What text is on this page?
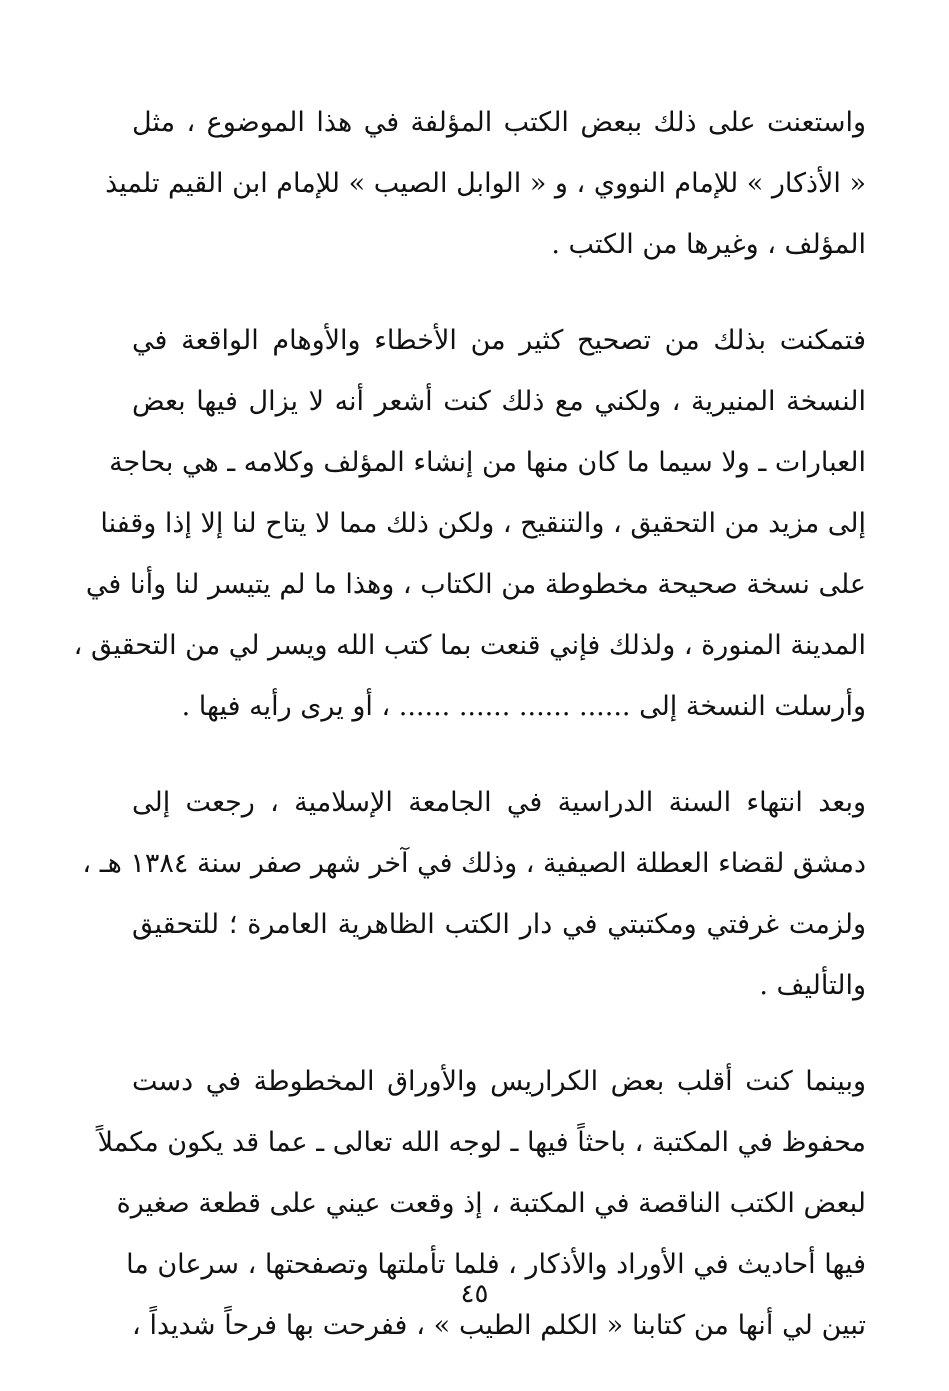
واستعنت على ذلك ببعض الكتب المؤلفة في هذا الموضوع ، مثل
« الأذكار » للإمام النووي ، و « الوابل الصيب » للإمام ابن القيم تلميذ
المؤلف ، وغيرها من الكتب .
فتمكنت بذلك من تصحيح كثير من الأخطاء والأوهام الواقعة في
النسخة المنيرية ، ولكني مع ذلك كنت أشعر أنه لا يزال فيها بعض
العبارات ـ ولا سيما ما كان منها من إنشاء المؤلف وكلامه ـ هي بحاجة
إلى مزيد من التحقيق ، والتنقيح ، ولكن ذلك مما لا يتاح لنا إلا إذا وقفنا
على نسخة صحيحة مخطوطة من الكتاب ، وهذا ما لم يتيسر لنا وأنا في
المدينة المنورة ، ولذلك فإني قنعت بما كتب الله ويسر لي من التحقيق ،
وأرسلت النسخة إلى ...... ...... ...... ...... ، أو يرى رأيه فيها .
وبعد انتهاء السنة الدراسية في الجامعة الإسلامية ، رجعت إلى
دمشق لقضاء العطلة الصيفية ، وذلك في آخر شهر صفر سنة ١٣٨٤ هـ ،
ولزمت غرفتي ومكتبتي في دار الكتب الظاهرية العامرة ؛ للتحقيق
والتأليف .
وبينما كنت أقلب بعض الكراريس والأوراق المخطوطة في دست
محفوظ في المكتبة ، باحثاً فيها ـ لوجه الله تعالى ـ عما قد يكون مكملاً
لبعض الكتب الناقصة في المكتبة ، إذ وقعت عيني على قطعة صغيرة
فيها أحاديث في الأوراد والأذكار ، فلما تأملتها وتصفحتها ، سرعان ما
تبين لي أنها من كتابنا « الكلم الطيب » ، ففرحت بها فرحاً شديداً ،
٤٥
